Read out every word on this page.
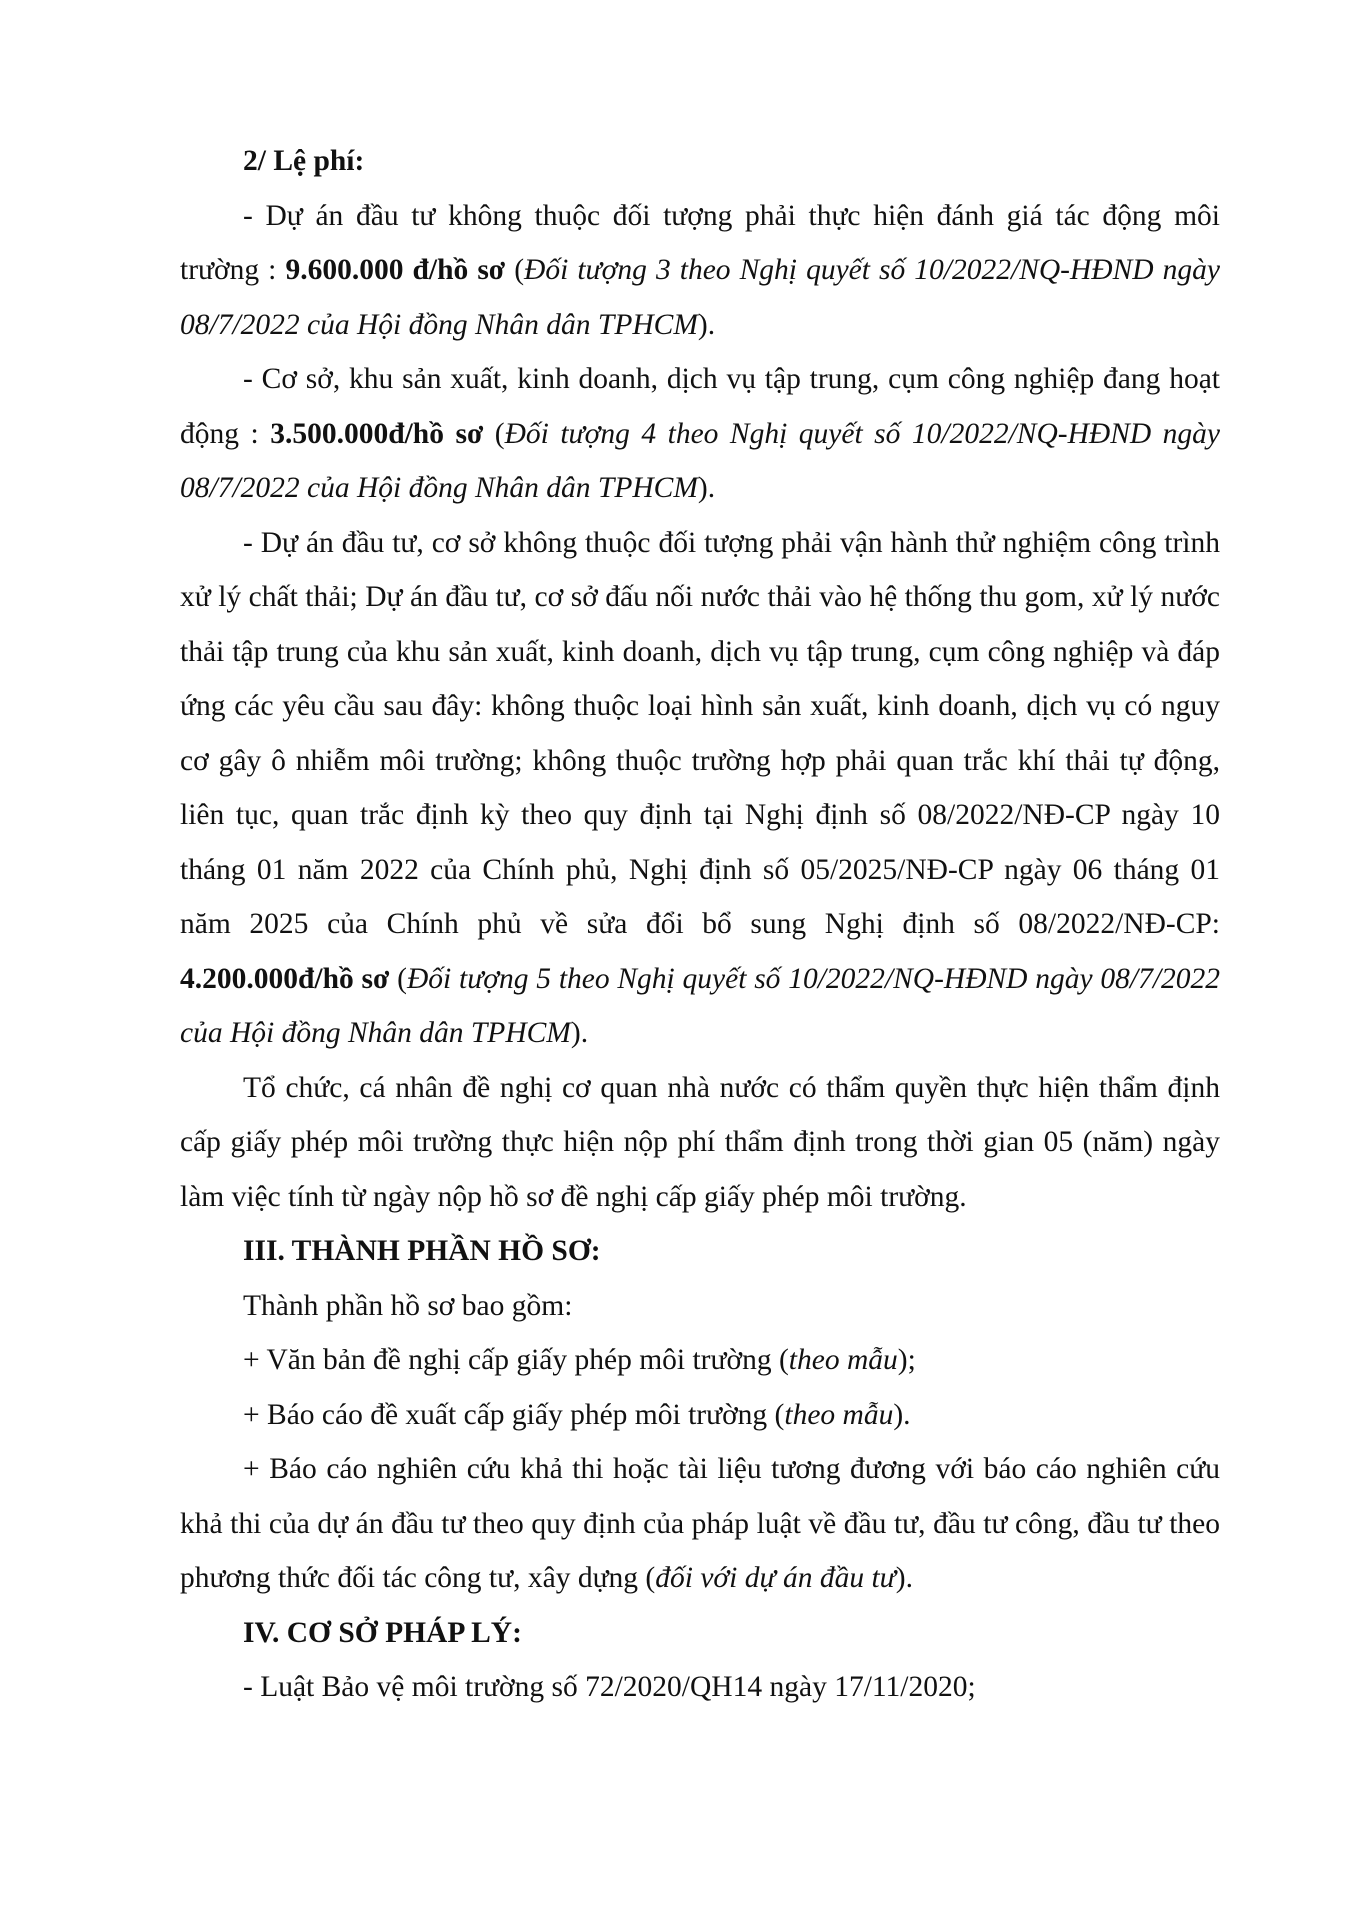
2/ Lệ phí:

- Dự án đầu tư không thuộc đối tượng phải thực hiện đánh giá tác động môi trường : 9.600.000 đ/hồ sơ (Đối tượng 3 theo Nghị quyết số 10/2022/NQ-HĐND ngày 08/7/2022 của Hội đồng Nhân dân TPHCM).

- Cơ sở, khu sản xuất, kinh doanh, dịch vụ tập trung, cụm công nghiệp đang hoạt động : 3.500.000đ/hồ sơ (Đối tượng 4 theo Nghị quyết số 10/2022/NQ-HĐND ngày 08/7/2022 của Hội đồng Nhân dân TPHCM).

- Dự án đầu tư, cơ sở không thuộc đối tượng phải vận hành thử nghiệm công trình xử lý chất thải; Dự án đầu tư, cơ sở đấu nối nước thải vào hệ thống thu gom, xử lý nước thải tập trung của khu sản xuất, kinh doanh, dịch vụ tập trung, cụm công nghiệp và đáp ứng các yêu cầu sau đây: không thuộc loại hình sản xuất, kinh doanh, dịch vụ có nguy cơ gây ô nhiễm môi trường; không thuộc trường hợp phải quan trắc khí thải tự động, liên tục, quan trắc định kỳ theo quy định tại Nghị định số 08/2022/NĐ-CP ngày 10 tháng 01 năm 2022 của Chính phủ, Nghị định số 05/2025/NĐ-CP ngày 06 tháng 01 năm 2025 của Chính phủ về sửa đổi bổ sung Nghị định số 08/2022/NĐ-CP: 4.200.000đ/hồ sơ (Đối tượng 5 theo Nghị quyết số 10/2022/NQ-HĐND ngày 08/7/2022 của Hội đồng Nhân dân TPHCM).

Tổ chức, cá nhân đề nghị cơ quan nhà nước có thẩm quyền thực hiện thẩm định cấp giấy phép môi trường thực hiện nộp phí thẩm định trong thời gian 05 (năm) ngày làm việc tính từ ngày nộp hồ sơ đề nghị cấp giấy phép môi trường.

III. THÀNH PHẦN HỒ SƠ:

Thành phần hồ sơ bao gồm:

+ Văn bản đề nghị cấp giấy phép môi trường (theo mẫu);

+ Báo cáo đề xuất cấp giấy phép môi trường (theo mẫu).

+ Báo cáo nghiên cứu khả thi hoặc tài liệu tương đương với báo cáo nghiên cứu khả thi của dự án đầu tư theo quy định của pháp luật về đầu tư, đầu tư công, đầu tư theo phương thức đối tác công tư, xây dựng (đối với dự án đầu tư).

IV. CƠ SỞ PHÁP LÝ:

- Luật Bảo vệ môi trường số 72/2020/QH14 ngày 17/11/2020;
